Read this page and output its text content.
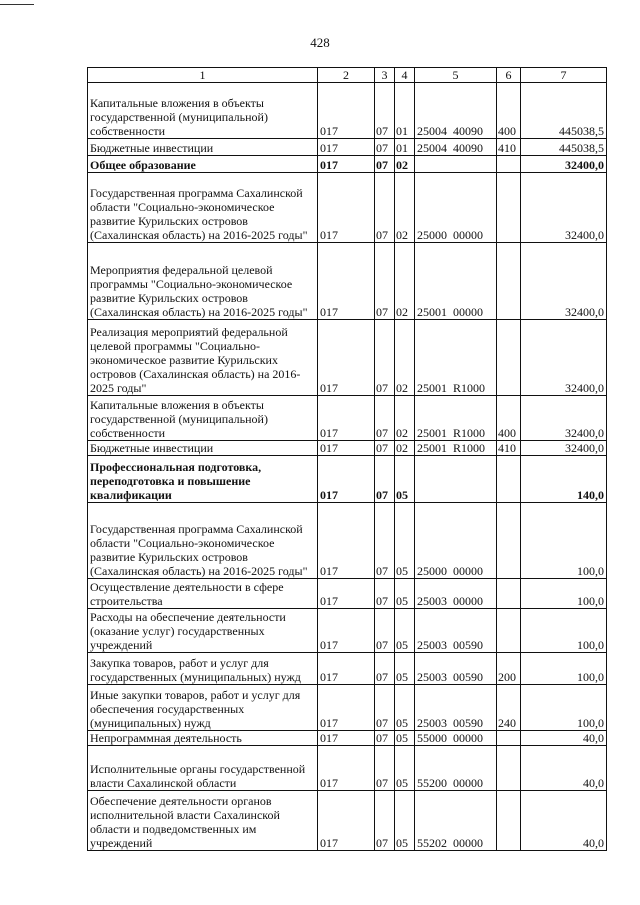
428
1	2	3	4	5	6	7
Капитальные вложения в объекты государственной (муниципальной) собственности	017	07	01	25004  40090	400	445038,5
Бюджетные инвестиции	017	07	01	25004  40090	410	445038,5
Общее образование	017	07	02			32400,0
Государственная программа Сахалинской области "Социально-экономическое развитие Курильских островов (Сахалинская область) на 2016-2025 годы"	017	07	02	25000  00000		32400,0
Мероприятия федеральной целевой программы "Социально-экономическое развитие Курильских островов (Сахалинская область) на 2016-2025 годы"	017	07	02	25001  00000		32400,0
Реализация мероприятий федеральной целевой программы "Социально-экономическое развитие Курильских островов (Сахалинская область) на 2016-2025 годы"	017	07	02	25001  R1000		32400,0
Капитальные вложения в объекты государственной (муниципальной) собственности	017	07	02	25001  R1000	400	32400,0
Бюджетные инвестиции	017	07	02	25001  R1000	410	32400,0
Профессиональная подготовка, переподготовка и повышение квалификации	017	07	05			140,0
Государственная программа Сахалинской области "Социально-экономическое развитие Курильских островов (Сахалинская область) на 2016-2025 годы"	017	07	05	25000  00000		100,0
Осуществление деятельности в сфере строительства	017	07	05	25003  00000		100,0
Расходы на обеспечение деятельности (оказание услуг) государственных учреждений	017	07	05	25003  00590		100,0
Закупка товаров, работ и услуг для государственных (муниципальных) нужд	017	07	05	25003  00590	200	100,0
Иные закупки товаров, работ и услуг для обеспечения государственных (муниципальных) нужд	017	07	05	25003  00590	240	100,0
Непрограммная деятельность	017	07	05	55000  00000		40,0
Исполнительные органы государственной власти Сахалинской области	017	07	05	55200  00000		40,0
Обеспечение деятельности органов исполнительной власти Сахалинской области и подведомственных им учреждений	017	07	05	55202  00000		40,0
